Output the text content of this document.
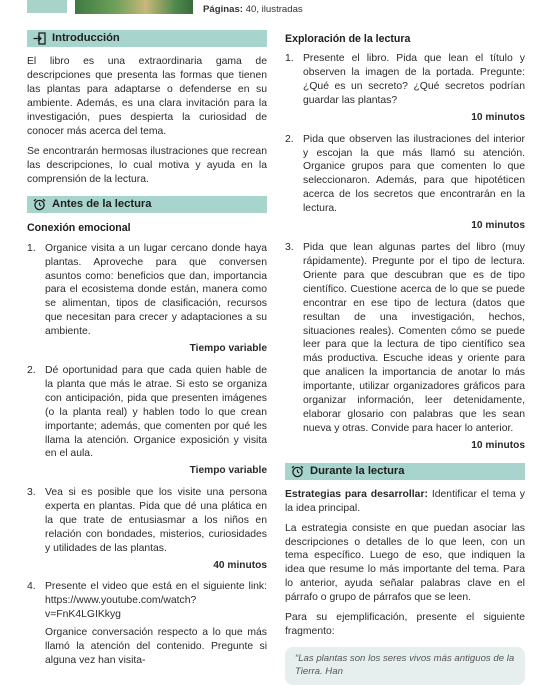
Páginas: 40, ilustradas
Introducción

El libro es una extraordinaria gama de descripciones que presenta las formas que tienen las plantas para adaptarse o defenderse en su ambiente. Además, es una clara invitación para la investigación, pues despierta la curiosidad de conocer más acerca del tema.

Se encontrarán hermosas ilustraciones que recrean las descripciones, lo cual motiva y ayuda en la comprensión de la lectura.

Antes de la lectura
Conexión emocional
1. Organice visita a un lugar cercano donde haya plantas. Aproveche para que conversen asuntos como: beneficios que dan, importancia para el ecosistema donde están, manera como se alimentan, tipos de clasificación, recursos que necesitan para crecer y adaptaciones a su ambiente.
Tiempo variable
2. Dé oportunidad para que cada quien hable de la planta que más le atrae. Si esto se organiza con anticipación, pida que presenten imágenes (o la planta real) y hablen todo lo que crean importante; además, que comenten por qué les llama la atención. Organice exposición y visita en el aula.
Tiempo variable
3. Vea si es posible que los visite una persona experta en plantas. Pida que dé una plática en la que trate de entusiasmar a los niños en relación con bondades, misterios, curiosidades y utilidades de las plantas.
40 minutos
4. Presente el video que está en el siguiente link: https://www.youtube.com/watch?v=FnK4LGIKkyg
Organice conversación respecto a lo que más llamó la atención del contenido. Pregunte si alguna vez han visita-
Exploración de la lectura
1. Presente el libro. Pida que lean el título y observen la imagen de la portada. Pregunte: ¿Qué es un secreto? ¿Qué secretos podrían guardar las plantas?
10 minutos
2. Pida que observen las ilustraciones del interior y escojan la que más llamó su atención. Organice grupos para que comenten lo que seleccionaron. Además, para que hipotéticen acerca de los secretos que encontrarán en la lectura.
10 minutos
3. Pida que lean algunas partes del libro (muy rápidamente). Pregunte por el tipo de lectura. Oriente para que descubran que es de tipo científico. Cuestione acerca de lo que se puede encontrar en ese tipo de lectura (datos que resultan de una investigación, hechos, situaciones reales). Comenten cómo se puede leer para que la lectura de tipo científico sea más productiva. Escuche ideas y oriente para que analicen la importancia de anotar lo más importante, utilizar organizadores gráficos para organizar información, leer detenidamente, elaborar glosario con palabras que les sean nueva y otras. Convide para hacer lo anterior.
10 minutos
Durante la lectura

Estrategias para desarrollar: Identificar el tema y la idea principal.

La estrategia consiste en que puedan asociar las descripciones o detalles de lo que leen, con un tema específico. Luego de eso, que indiquen la idea que resume lo más importante del tema. Para lo anterior, ayuda señalar palabras clave en el párrafo o grupo de párrafos que se leen.

Para su ejemplificación, presente el siguiente fragmento:

“Las plantas son los seres vivos más antiguos de la Tierra. Han
